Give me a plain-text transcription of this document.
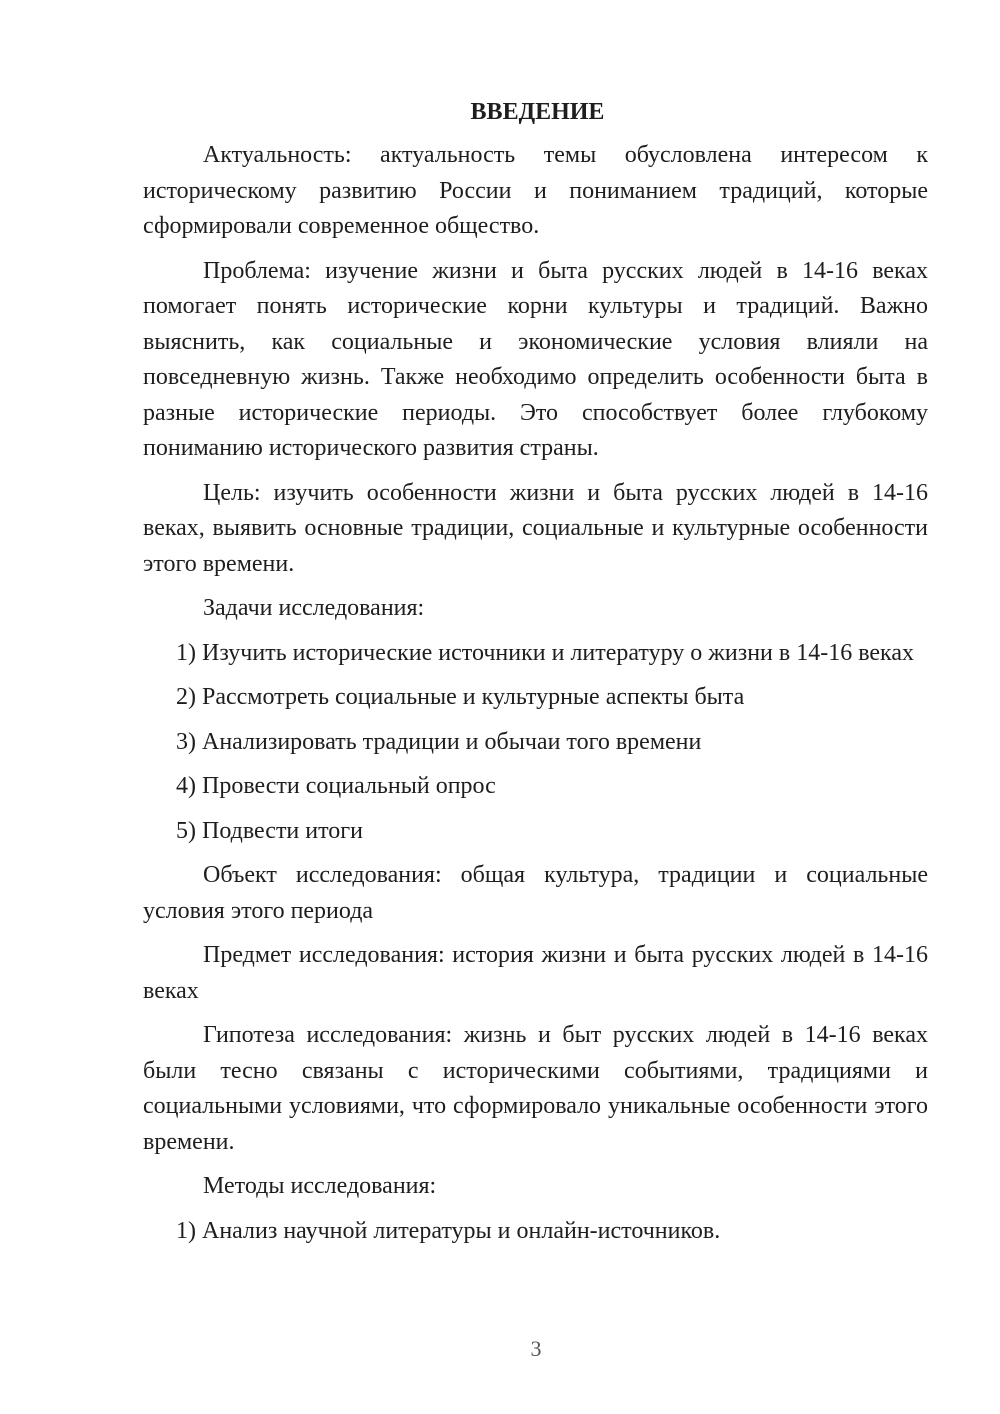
ВВЕДЕНИЕ
Актуальность: актуальность темы обусловлена интересом к историческому развитию России и пониманием традиций, которые сформировали современное общество.
Проблема: изучение жизни и быта русских людей в 14-16 веках помогает понять исторические корни культуры и традиций. Важно выяснить, как социальные и экономические условия влияли на повседневную жизнь. Также необходимо определить особенности быта в разные исторические периоды. Это способствует более глубокому пониманию исторического развития страны.
Цель: изучить особенности жизни и быта русских людей в 14-16 веках, выявить основные традиции, социальные и культурные особенности этого времени.
Задачи исследования:
1) Изучить исторические источники и литературу о жизни в 14-16 веках
2) Рассмотреть социальные и культурные аспекты быта
3) Анализировать традиции и обычаи того времени
4) Провести социальный опрос
5) Подвести итоги
Объект исследования: общая культура, традиции и социальные условия этого периода
Предмет исследования: история жизни и быта русских людей в 14-16 веках
Гипотеза исследования: жизнь и быт русских людей в 14-16 веках были тесно связаны с историческими событиями, традициями и социальными условиями, что сформировало уникальные особенности этого времени.
Методы исследования:
1) Анализ научной литературы и онлайн-источников.
3
